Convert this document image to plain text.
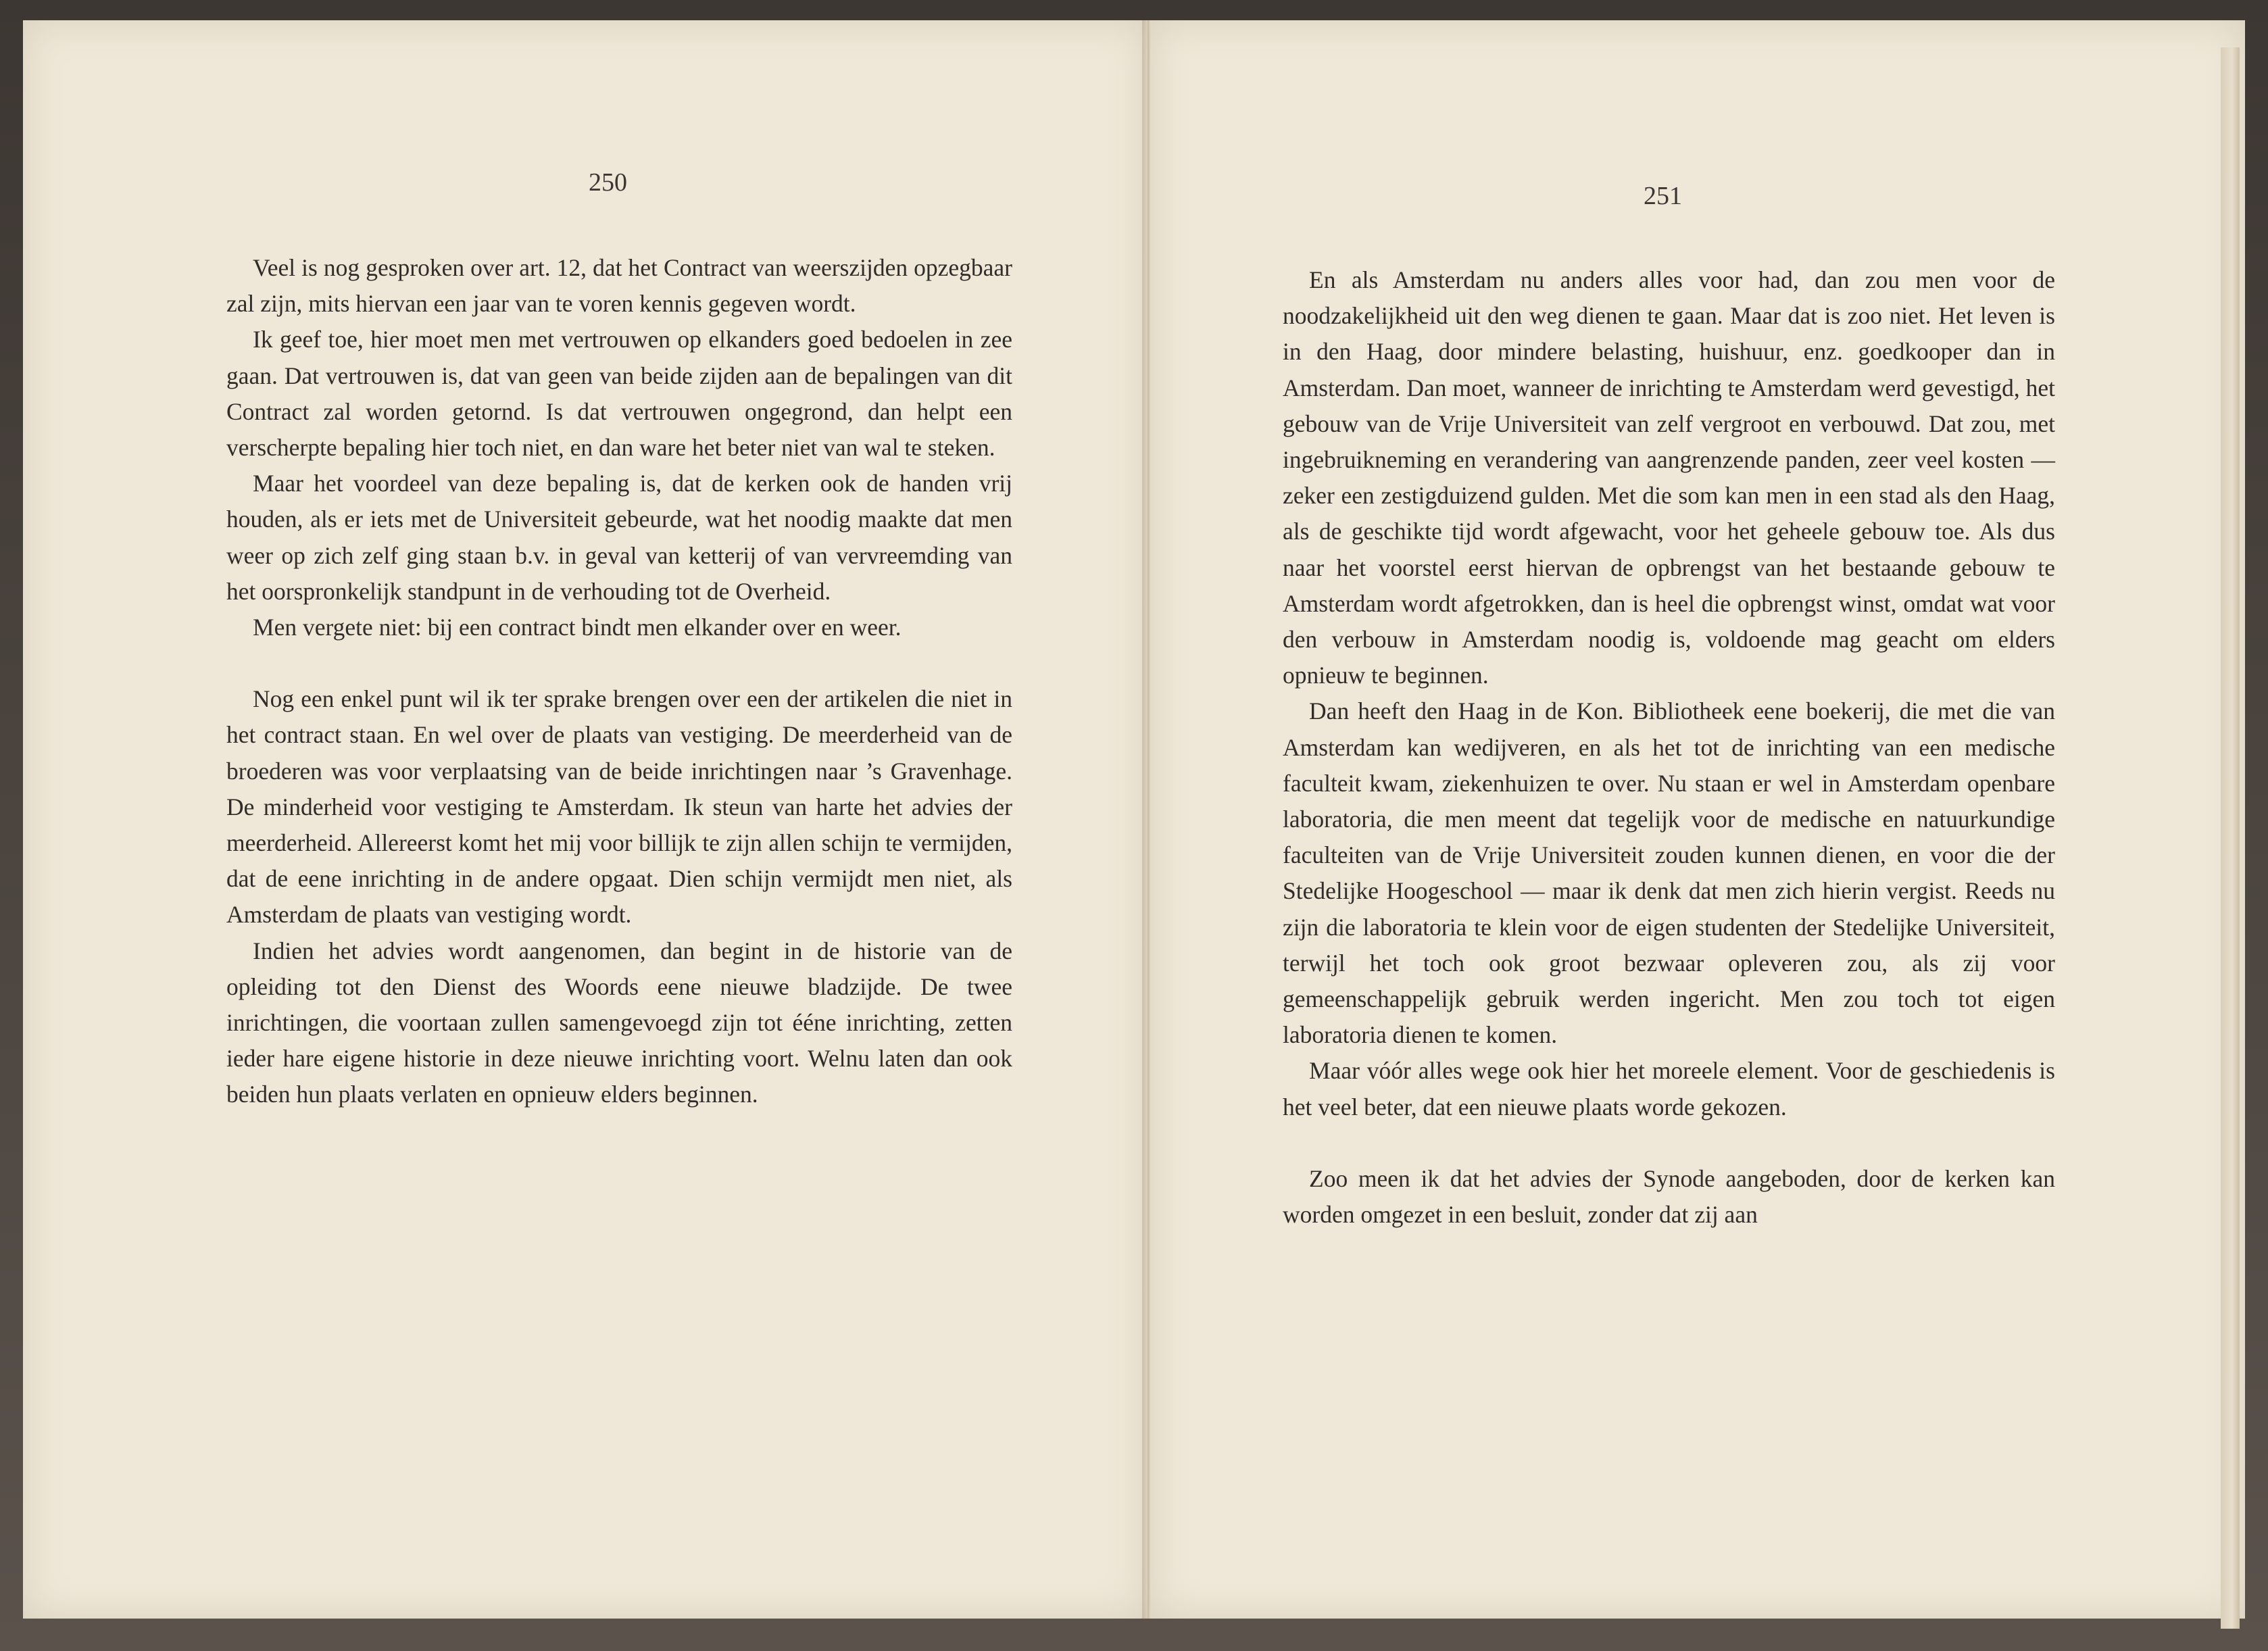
250

Veel is nog gesproken over art. 12, dat het Contract van weerszijden opzegbaar zal zijn, mits hiervan een jaar van te voren kennis gegeven wordt.

Ik geef toe, hier moet men met vertrouwen op elkanders goed bedoelen in zee gaan. Dat vertrouwen is, dat van geen van beide zijden aan de bepalingen van dit Contract zal worden getornd. Is dat vertrouwen ongegrond, dan helpt een verscherpte bepaling hier toch niet, en dan ware het beter niet van wal te steken.

Maar het voordeel van deze bepaling is, dat de kerken ook de handen vrij houden, als er iets met de Universiteit gebeurde, wat het noodig maakte dat men weer op zich zelf ging staan b.v. in geval van ketterij of van vervreemding van het oorspronkelijk standpunt in de verhouding tot de Overheid.

Men vergete niet: bij een contract bindt men elkander over en weer.

Nog een enkel punt wil ik ter sprake brengen over een der artikelen die niet in het contract staan. En wel over de plaats van vestiging. De meerderheid van de broederen was voor verplaatsing van de beide inrichtingen naar ’s Gravenhage. De minderheid voor vestiging te Amsterdam. Ik steun van harte het advies der meerderheid. Allereerst komt het mij voor billijk te zijn allen schijn te vermijden, dat de eene inrichting in de andere opgaat. Dien schijn vermijdt men niet, als Amsterdam de plaats van vestiging wordt.

Indien het advies wordt aangenomen, dan begint in de historie van de opleiding tot den Dienst des Woords eene nieuwe bladzijde. De twee inrichtingen, die voortaan zullen samengevoegd zijn tot ééne inrichting, zetten ieder hare eigene historie in deze nieuwe inrichting voort. Welnu laten dan ook beiden hun plaats verlaten en opnieuw elders beginnen.

251

En als Amsterdam nu anders alles voor had, dan zou men voor de noodzakelijkheid uit den weg dienen te gaan. Maar dat is zoo niet. Het leven is in den Haag, door mindere belasting, huishuur, enz. goedkooper dan in Amsterdam. Dan moet, wanneer de inrichting te Amsterdam werd gevestigd, het gebouw van de Vrije Universiteit van zelf vergroot en verbouwd. Dat zou, met ingebruikneming en verandering van aangrenzende panden, zeer veel kosten — zeker een zestigduizend gulden. Met die som kan men in een stad als den Haag, als de geschikte tijd wordt afgewacht, voor het geheele gebouw toe. Als dus naar het voorstel eerst hiervan de opbrengst van het bestaande gebouw te Amsterdam wordt afgetrokken, dan is heel die opbrengst winst, omdat wat voor den verbouw in Amsterdam noodig is, voldoende mag geacht om elders opnieuw te beginnen.

Dan heeft den Haag in de Kon. Bibliotheek eene boekerij, die met die van Amsterdam kan wedijveren, en als het tot de inrichting van een medische faculteit kwam, ziekenhuizen te over. Nu staan er wel in Amsterdam openbare laboratoria, die men meent dat tegelijk voor de medische en natuurkundige faculteiten van de Vrije Universiteit zouden kunnen dienen, en voor die der Stedelijke Hoogeschool — maar ik denk dat men zich hierin vergist. Reeds nu zijn die laboratoria te klein voor de eigen studenten der Stedelijke Universiteit, terwijl het toch ook groot bezwaar opleveren zou, als zij voor gemeenschappelijk gebruik werden ingericht. Men zou toch tot eigen laboratoria dienen te komen.

Maar vóór alles wege ook hier het moreele element. Voor de geschiedenis is het veel beter, dat een nieuwe plaats worde gekozen.

Zoo meen ik dat het advies der Synode aangeboden, door de kerken kan worden omgezet in een besluit, zonder dat zij aan
